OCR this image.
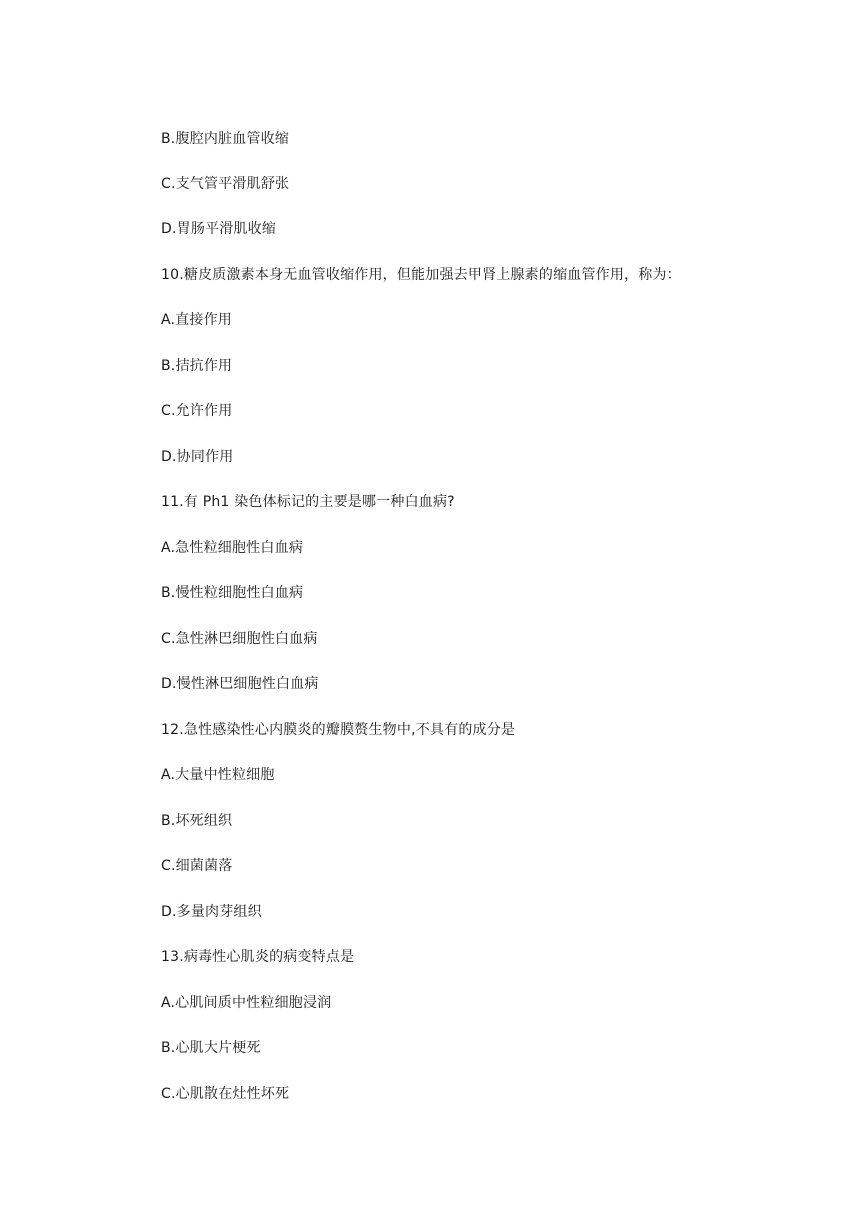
B.腹腔内脏血管收缩
C.支气管平滑肌舒张
D.胃肠平滑肌收缩
10.糖皮质激素本身无血管收缩作用，但能加强去甲肾上腺素的缩血管作用，称为：
A.直接作用
B.拮抗作用
C.允许作用
D.协同作用
11.有 Ph1 染色体标记的主要是哪一种白血病?
A.急性粒细胞性白血病
B.慢性粒细胞性白血病
C.急性淋巴细胞性白血病
D.慢性淋巴细胞性白血病
12.急性感染性心内膜炎的瓣膜赘生物中,不具有的成分是
A.大量中性粒细胞
B.坏死组织
C.细菌菌落
D.多量肉芽组织
13.病毒性心肌炎的病变特点是
A.心肌间质中性粒细胞浸润
B.心肌大片梗死
C.心肌散在灶性坏死
